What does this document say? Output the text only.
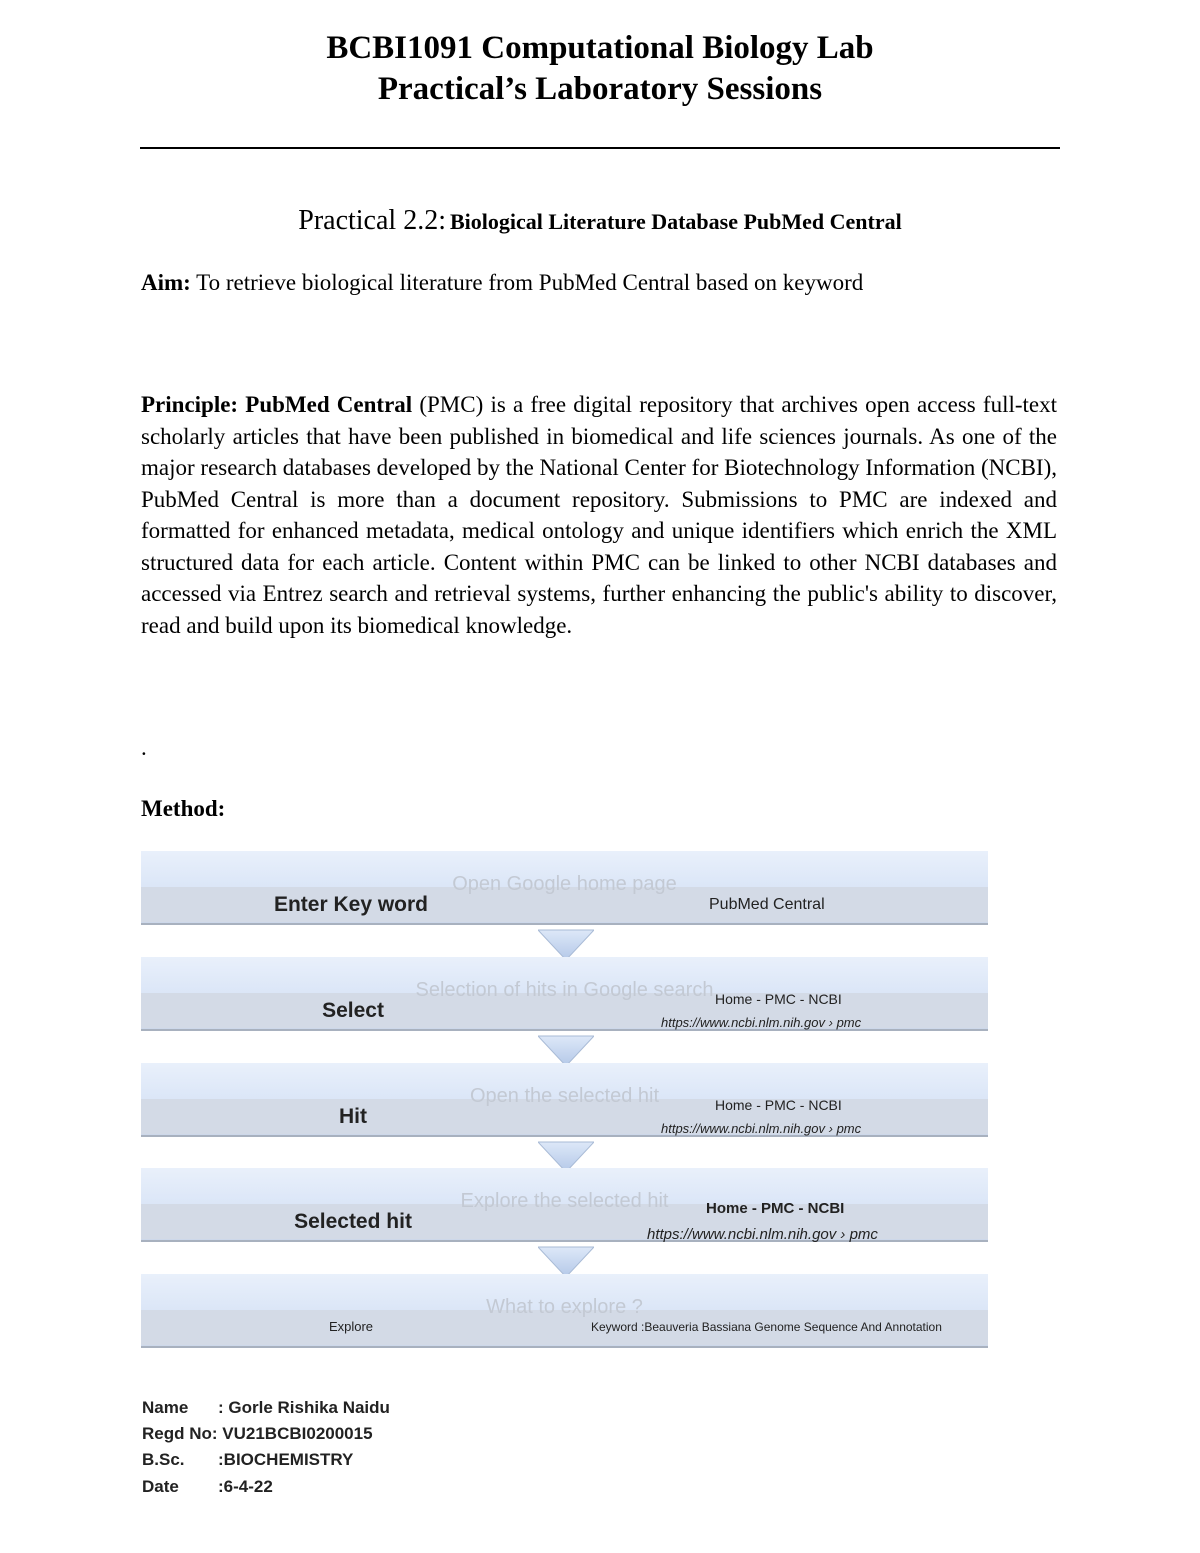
BCBI1091 Computational Biology Lab
Practical’s Laboratory Sessions
Practical 2.2: Biological Literature Database PubMed Central
Aim: To retrieve biological literature from PubMed Central based on keyword
Principle: PubMed Central (PMC) is a free digital repository that archives open access full-text scholarly articles that have been published in biomedical and life sciences journals. As one of the major research databases developed by the National Center for Biotechnology Information (NCBI), PubMed Central is more than a document repository. Submissions to PMC are indexed and formatted for enhanced metadata, medical ontology and unique identifiers which enrich the XML structured data for each article. Content within PMC can be linked to other NCBI databases and accessed via Entrez search and retrieval systems, further enhancing the public's ability to discover, read and build upon its biomedical knowledge.
.
Method:
Open Google home page
Enter Key word	PubMed Central
Selection of hits in Google search
Select	Home - PMC - NCBI
https://www.ncbi.nlm.nih.gov › pmc
Open the selected hit
Hit	Home - PMC - NCBI
https://www.ncbi.nlm.nih.gov › pmc
Explore the selected hit
Selected hit
Home - PMC - NCBI
https://www.ncbi.nlm.nih.gov › pmc
What to explore ?
Explore	Keyword :Beauveria Bassiana Genome Sequence And Annotation
Name : Gorle Rishika Naidu
Regd No: VU21BCBI0200015
B.Sc. :BIOCHEMISTRY
Date :6-4-22
